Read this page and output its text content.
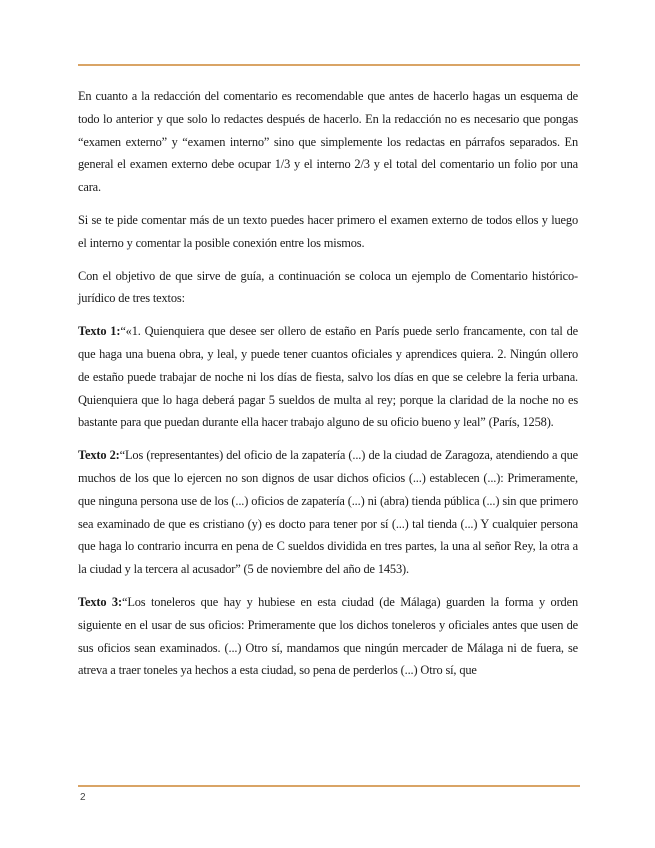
En cuanto a la redacción del comentario es recomendable que antes de hacerlo hagas un esquema de todo lo anterior y que solo lo redactes después de hacerlo. En la redacción no es necesario que pongas “examen externo” y “examen interno” sino que simplemente los redactas en párrafos separados. En general el examen externo debe ocupar 1/3 y el interno 2/3 y el total del comentario un folio por una cara.

Si se te pide comentar más de un texto puedes hacer primero el examen externo de todos ellos y luego el interno y comentar la posible conexión entre los mismos.

Con el objetivo de que sirve de guía, a continuación se coloca un ejemplo de Comentario histórico-jurídico de tres textos:

Texto 1:“«1. Quienquiera que desee ser ollero de estaño en París puede serlo francamente, con tal de que haga una buena obra, y leal, y puede tener cuantos oficiales y aprendices quiera. 2. Ningún ollero de estaño puede trabajar de noche ni los días de fiesta, salvo los días en que se celebre la feria urbana. Quienquiera que lo haga deberá pagar 5 sueldos de multa al rey; porque la claridad de la noche no es bastante para que puedan durante ella hacer trabajo alguno de su oficio bueno y leal” (París, 1258).

Texto 2:“Los (representantes) del oficio de la zapatería (...) de la ciudad de Zaragoza, atendiendo a que muchos de los que lo ejercen no son dignos de usar dichos oficios (...) establecen (...): Primeramente, que ninguna persona use de los (...) oficios de zapatería (...) ni (abra) tienda pública (...) sin que primero sea examinado de que es cristiano (y) es docto para tener por sí (...) tal tienda (...) Y cualquier persona que haga lo contrario incurra en pena de C sueldos dividida en tres partes, la una al señor Rey, la otra a la ciudad y la tercera al acusador” (5 de noviembre del año de 1453).

Texto 3:“Los toneleros que hay y hubiese en esta ciudad (de Málaga) guarden la forma y orden siguiente en el usar de sus oficios: Primeramente que los dichos toneleros y oficiales antes que usen de sus oficios sean examinados. (...) Otro sí, mandamos que ningún mercader de Málaga ni de fuera, se atreva a traer toneles ya hechos a esta ciudad, so pena de perderlos (...) Otro sí, que

2
